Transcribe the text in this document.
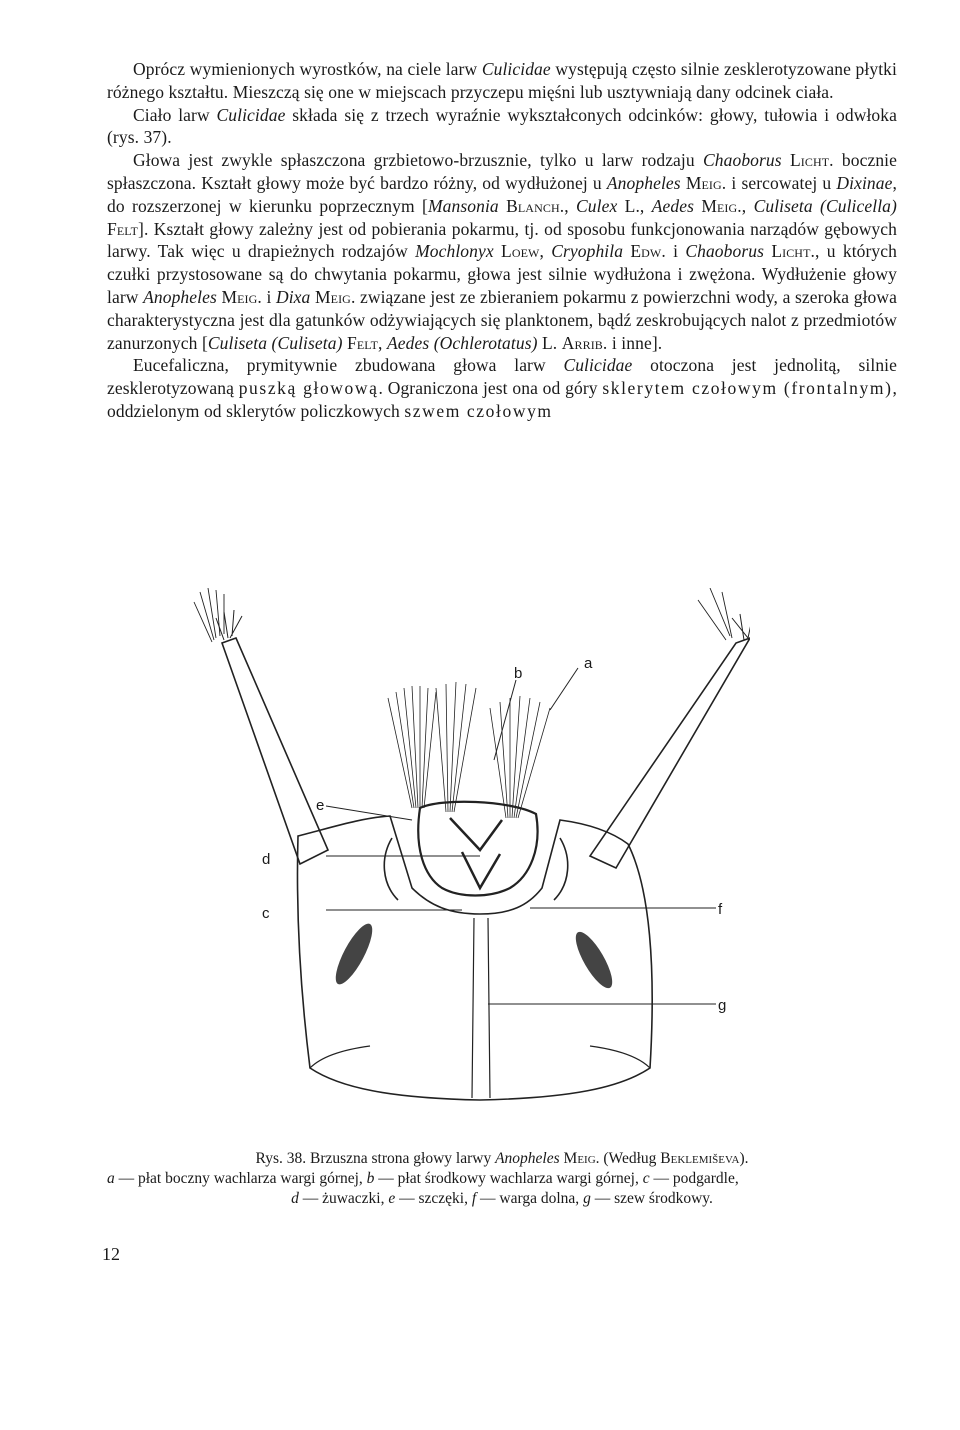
Oprócz wymienionych wyrostków, na ciele larw Culicidae występują często silnie zesklerotyzowane płytki różnego kształtu. Mieszczą się one w miejscach przyczepu mięśni lub usztywniają dany odcinek ciała.

Ciało larw Culicidae składa się z trzech wyraźnie wykształconych odcinków: głowy, tułowia i odwłoka (rys. 37).

Głowa jest zwykle spłaszczona grzbietowo-brzusznie, tylko u larw rodzaju Chaoborus Licht. bocznie spłaszczona. Kształt głowy może być bardzo różny, od wydłużonej u Anopheles Meig. i sercowatej u Dixinae, do rozszerzonej w kierunku poprzecznym [Mansonia Blanch., Culex L., Aedes Meig., Culiseta (Culicella) Felt]. Kształt głowy zależny jest od pobierania pokarmu, tj. od sposobu funkcjonowania narządów gębowych larwy. Tak więc u drapieżnych rodzajów Mochlonyx Loew, Cryophila Edw. i Chaoborus Licht., u których czułki przystosowane są do chwytania pokarmu, głowa jest silnie wydłużona i zwężona. Wydłużenie głowy larw Anopheles Meig. i Dixa Meig. związane jest ze zbieraniem pokarmu z powierzchni wody, a szeroka głowa charakterystyczna jest dla gatunków odżywiających się planktonem, bądź zeskrobujących nalot z przedmiotów zanurzonych [Culiseta (Culiseta) Felt, Aedes (Ochlerotatus) L. Arrib. i inne].

Eucefaliczna, prymitywnie zbudowana głowa larw Culicidae otoczona jest jednolitą, silnie zesklerotyzowaną puszką głowową. Ograniczona jest ona od góry sklerytem czołowym (frontalnym), oddzielonym od sklerytów policzkowych szwem czołowym

a
b
c
d
e
f
g
Rys. 38. Brzuszna strona głowy larwy Anopheles Meig. (Według Beklemiševa).
a — płat boczny wachlarza wargi górnej, b — płat środkowy wachlarza wargi górnej, c — podgardle,
d — żuwaczki, e — szczęki, f — warga dolna, g — szew środkowy.
12
